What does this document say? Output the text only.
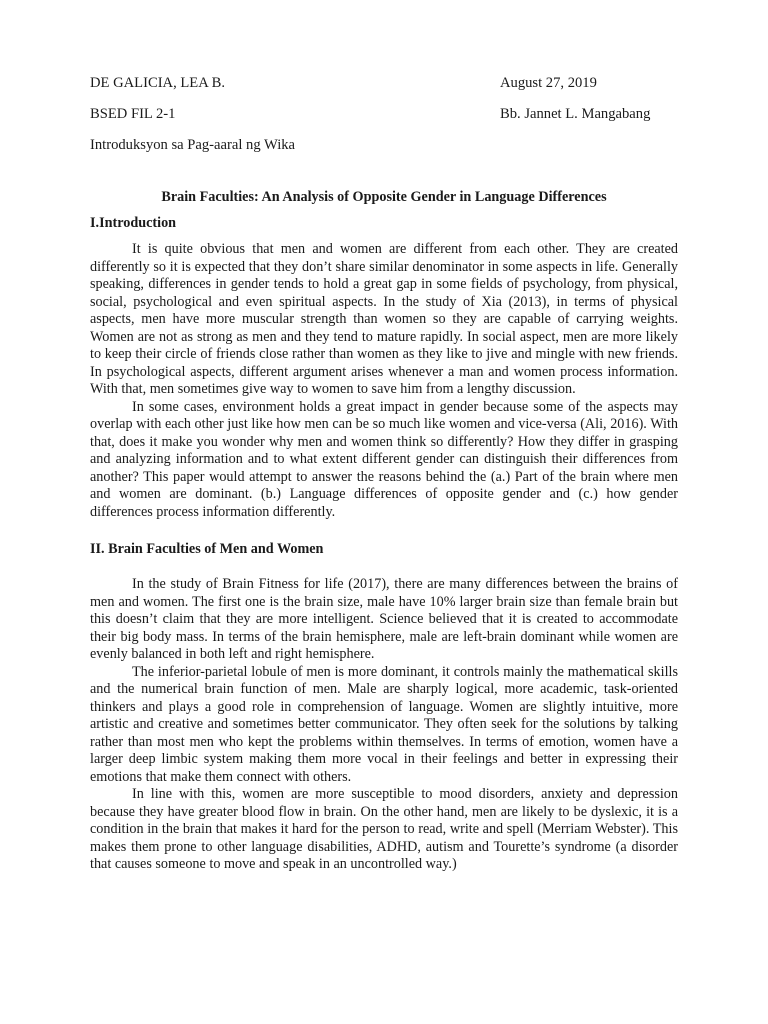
DE GALICIA, LEA B.	August 27, 2019
BSED FIL 2-1	Bb. Jannet L. Mangabang
Introduksyon sa Pag-aaral ng Wika
Brain Faculties: An Analysis of Opposite Gender in Language Differences
I.Introduction

It is quite obvious that men and women are different from each other. They are created differently so it is expected that they don’t share similar denominator in some aspects in life. Generally speaking, differences in gender tends to hold a great gap in some fields of psychology, from physical, social, psychological and even spiritual aspects. In the study of Xia (2013), in terms of physical aspects, men have more muscular strength than women so they are capable of carrying weights. Women are not as strong as men and they tend to mature rapidly. In social aspect, men are more likely to keep their circle of friends close rather than women as they like to jive and mingle with new friends. In psychological aspects, different argument arises whenever a man and women process information. With that, men sometimes give way to women to save him from a lengthy discussion.

In some cases, environment holds a great impact in gender because some of the aspects may overlap with each other just like how men can be so much like women and vice-versa (Ali, 2016). With that, does it make you wonder why men and women think so differently? How they differ in grasping and analyzing information and to what extent different gender can distinguish their differences from another? This paper would attempt to answer the reasons behind the (a.) Part of the brain where men and women are dominant. (b.) Language differences of opposite gender and (c.) how gender differences process information differently.

II. Brain Faculties of Men and Women

In the study of Brain Fitness for life (2017), there are many differences between the brains of men and women. The first one is the brain size, male have 10% larger brain size than female brain but this doesn’t claim that they are more intelligent. Science believed that it is created to accommodate their big body mass. In terms of the brain hemisphere, male are left-brain dominant while women are evenly balanced in both left and right hemisphere.

The inferior-parietal lobule of men is more dominant, it controls mainly the mathematical skills and the numerical brain function of men. Male are sharply logical, more academic, task-oriented thinkers and plays a good role in comprehension of language. Women are slightly intuitive, more artistic and creative and sometimes better communicator. They often seek for the solutions by talking rather than most men who kept the problems within themselves. In terms of emotion, women have a larger deep limbic system making them more vocal in their feelings and better in expressing their emotions that make them connect with others.

In line with this, women are more susceptible to mood disorders, anxiety and depression because they have greater blood flow in brain. On the other hand, men are likely to be dyslexic, it is a condition in the brain that makes it hard for the person to read, write and spell (Merriam Webster). This makes them prone to other language disabilities, ADHD, autism and Tourette’s syndrome (a disorder that causes someone to move and speak in an uncontrolled way.)
